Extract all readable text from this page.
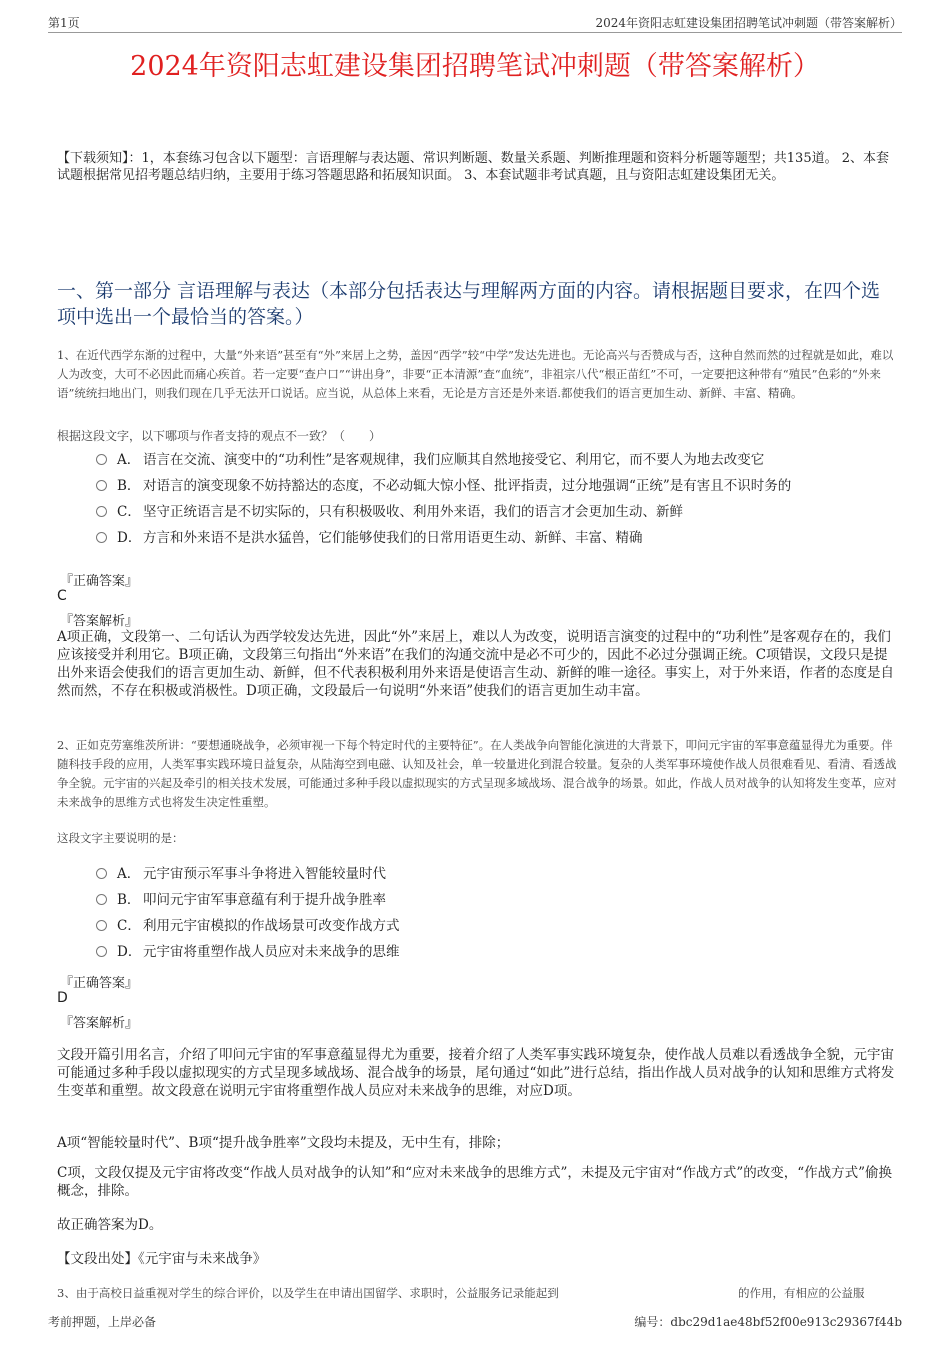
第1页	2024年资阳志虹建设集团招聘笔试冲刺题（带答案解析）
2024年资阳志虹建设集团招聘笔试冲刺题（带答案解析）
【下载须知】：1，本套练习包含以下题型：言语理解与表达题、常识判断题、数量关系题、判断推理题和资料分析题等题型；共135道。 2、本套试题根据常见招考题总结归纳，主要用于练习答题思路和拓展知识面。 3、本套试题非考试真题，且与资阳志虹建设集团无关。
一、第一部分 言语理解与表达（本部分包括表达与理解两方面的内容。请根据题目要求，在四个选项中选出一个最恰当的答案。）
1、在近代西学东渐的过程中，大量“外来语”甚至有“外”来居上之势，盖因“西学”较“中学”发达先进也。无论高兴与否赞成与否，这种自然而然的过程就是如此，难以人为改变，大可不必因此而痛心疾首。若一定要“查户口”“讲出身”，非要“正本清源”查“血统”，非祖宗八代“根正苗红”不可，一定要把这种带有“殖民”色彩的“外来语”统统扫地出门，则我们现在几乎无法开口说话。应当说，从总体上来看，无论是方言还是外来语.都使我们的语言更加生动、新鲜、丰富、精确。
根据这段文字，以下哪项与作者支持的观点不一致？（　　）
A． 语言在交流、演变中的“功利性”是客观规律，我们应顺其自然地接受它、利用它，而不要人为地去改变它
B． 对语言的演变现象不妨持豁达的态度，不必动辄大惊小怪、批评指责，过分地强调“正统”是有害且不识时务的
C． 坚守正统语言是不切实际的，只有积极吸收、利用外来语，我们的语言才会更加生动、新鲜
D． 方言和外来语不是洪水猛兽，它们能够使我们的日常用语更生动、新鲜、丰富、精确
『正确答案』
C
『答案解析』
A项正确，文段第一、二句话认为西学较发达先进，因此“外”来居上，难以人为改变，说明语言演变的过程中的“功利性”是客观存在的，我们应该接受并利用它。B项正确，文段第三句指出“外来语”在我们的沟通交流中是必不可少的，因此不必过分强调正统。C项错误，文段只是提出外来语会使我们的语言更加生动、新鲜，但不代表积极利用外来语是使语言生动、新鲜的唯一途径。事实上，对于外来语，作者的态度是自然而然，不存在积极或消极性。D项正确，文段最后一句说明“外来语”使我们的语言更加生动丰富。
2、正如克劳塞维茨所讲：“要想通晓战争，必须审视一下每个特定时代的主要特征”。在人类战争向智能化演进的大背景下，叩问元宇宙的军事意蕴显得尤为重要。伴随科技手段的应用，人类军事实践环境日益复杂，从陆海空到电磁、认知及社会，单一较量进化到混合较量。复杂的人类军事环境使作战人员很难看见、看清、看透战争全貌。元宇宙的兴起及牵引的相关技术发展，可能通过多种手段以虚拟现实的方式呈现多域战场、混合战争的场景。如此，作战人员对战争的认知将发生变革，应对未来战争的思维方式也将发生决定性重塑。
这段文字主要说明的是：
A． 元宇宙预示军事斗争将进入智能较量时代
B． 叩问元宇宙军事意蕴有利于提升战争胜率
C． 利用元宇宙模拟的作战场景可改变作战方式
D． 元宇宙将重塑作战人员应对未来战争的思维
『正确答案』
D
『答案解析』
文段开篇引用名言，介绍了叩问元宇宙的军事意蕴显得尤为重要，接着介绍了人类军事实践环境复杂，使作战人员难以看透战争全貌，元宇宙可能通过多种手段以虚拟现实的方式呈现多域战场、混合战争的场景，尾句通过“如此”进行总结，指出作战人员对战争的认知和思维方式将发生变革和重塑。故文段意在说明元宇宙将重塑作战人员应对未来战争的思维，对应D项。
A项“智能较量时代”、B项“提升战争胜率”文段均未提及，无中生有，排除；
C项，文段仅提及元宇宙将改变“作战人员对战争的认知”和“应对未来战争的思维方式”，未提及元宇宙对“作战方式”的改变，“作战方式”偷换概念，排除。
故正确答案为D。
【文段出处】《元宇宙与未来战争》
3、由于高校日益重视对学生的综合评价，以及学生在申请出国留学、求职时，公益服务记录能起到	的作用，有相应的公益服
考前押题，上岸必备	编号：dbc29d1ae48bf52f00e913c29367f44b
